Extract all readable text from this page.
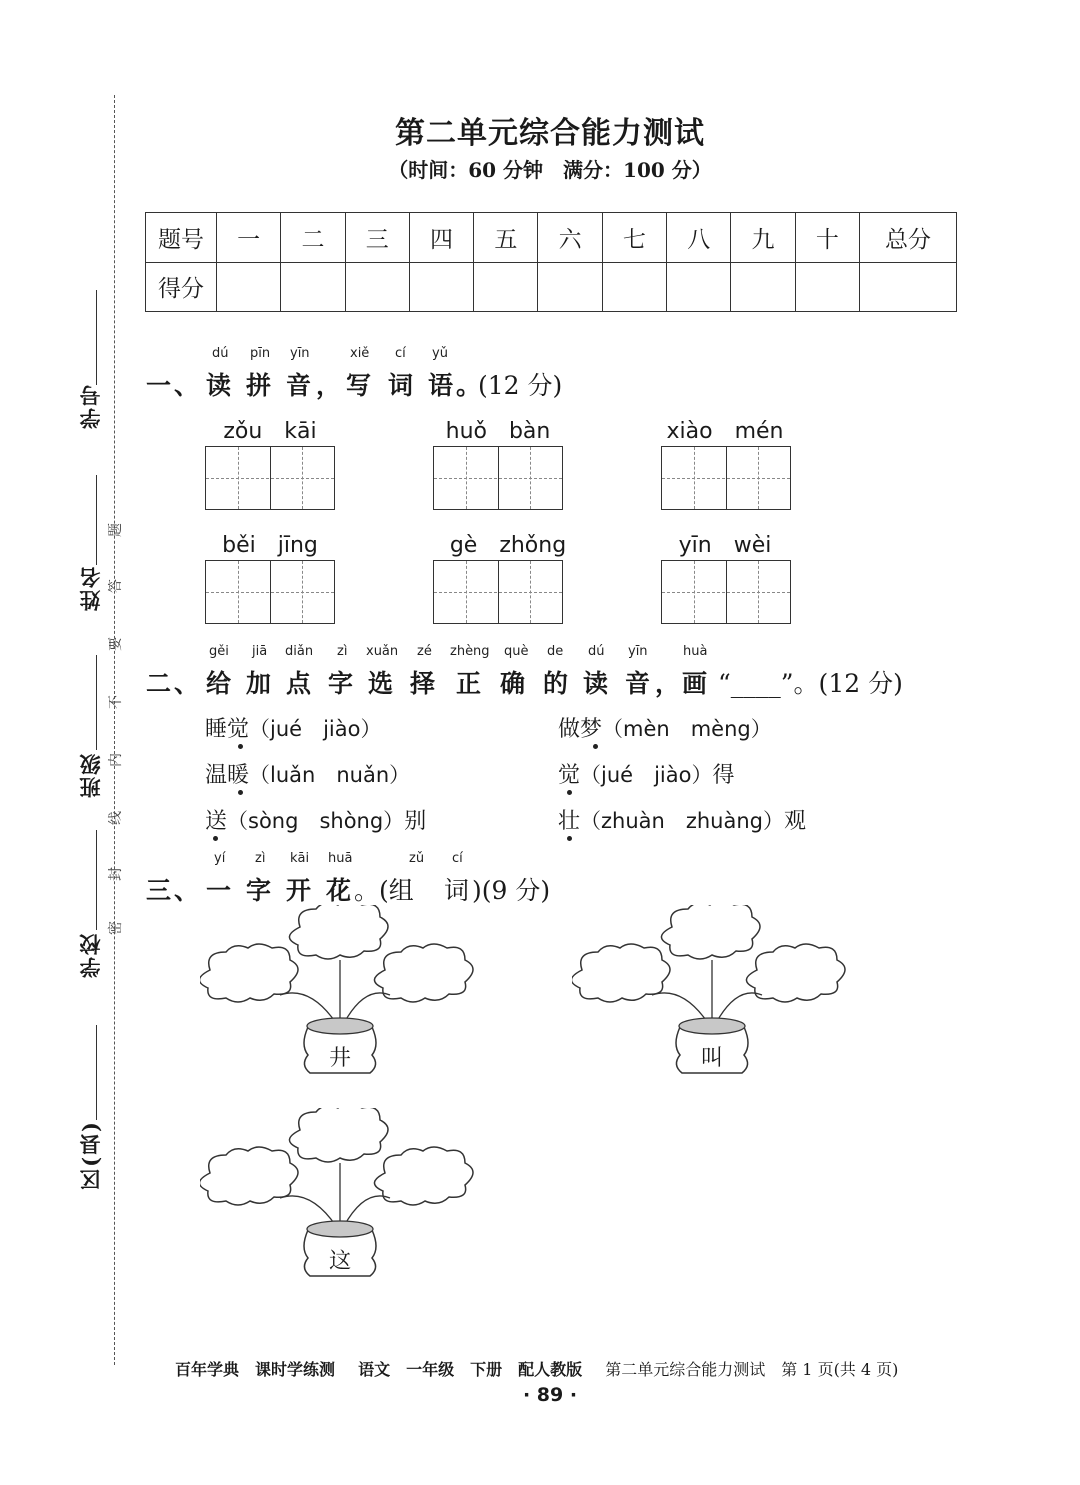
学号
姓名
班级
学校
区(县)
题
答
要
不
内
线
封
密
第二单元综合能力测试
（时间：60 分钟　满分：100 分）
题号	一	二	三	四	五	六	七	八	九	十	总分
得分											
dú pīn yīn	xiě cí yǔ
一 、 读 拼 音 ， 写 词 语 。
(12 分)
zǒu　kāi	huǒ　bàn	xiào　mén
běi　jīng	gè　zhǒng	yīn　wèi
gěi jiā diǎn zì xuǎn zé zhèng què de dú yīn	huà
二 、 给 加 点 字 选 择 正 确 的 读 音 ， 画 “____”。(12 分)
睡觉（jué　jiào）	做梦（mèn　mèng）
温暖（luǎn　nuǎn）	觉（jué　jiào）得
送（sòng　shòng）别	壮（zhuàn　zhuàng）观
yí zì kāi huā	zǔ cí
三 、 一 字 开 花 。(组 词 )(9 分)
井	叫
这
百年学典　课时学练测 语文　一年级　下册　配人教版 第二单元综合能力测试　第 1 页(共 4 页)
· 89 ·
